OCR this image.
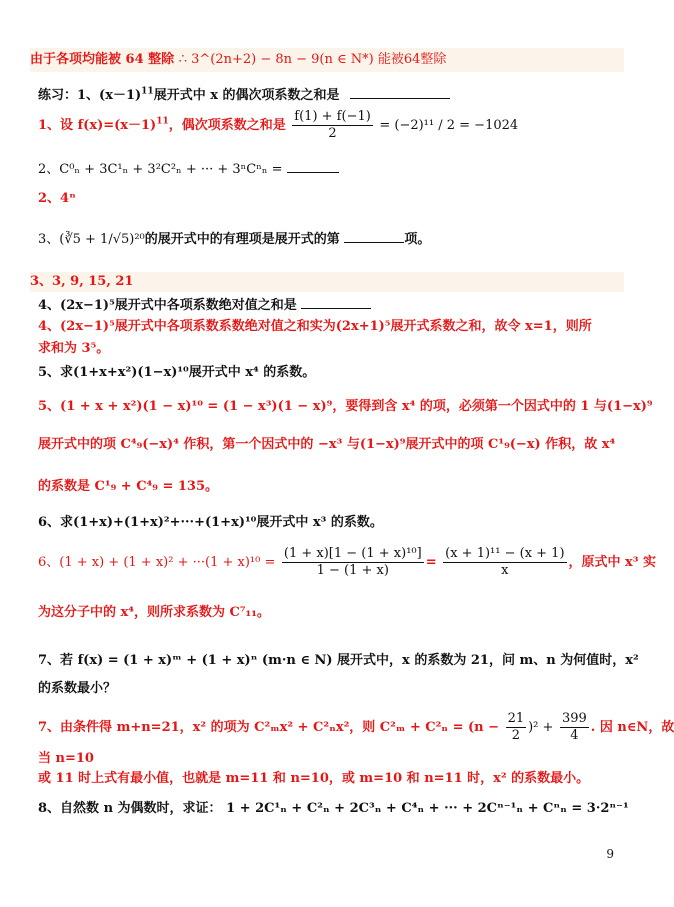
由于各项均能被 64 整除 ∴ 3^(2n+2) − 8n − 9(n ∈ N*) 能被64整除
练习：1、$(x-1)^{11}$展开式中 x 的偶次项系数之和是
1、设 $f(x)=(x-1)^{11}$，偶次项系数之和是 $\frac{f(1) + f(-1)}{2} = (-2)^{11} / 2 = -1024$
2、C⁰ₙ + 3C¹ₙ + 3²C²ₙ + ··· + 3ⁿCⁿₙ =
2、4ⁿ
3、(∛5 + 1/√5)²⁰的展开式中的有理项是展开式的第	项。
3、3, 9, 15, 21
4、(2x−1)⁵展开式中各项系数绝对值之和是
4、(2x−1)⁵展开式中各项系数系数绝对值之和实为(2x+1)⁵展开式系数之和，故令 x=1，则所
求和为 3⁵。
5、求(1+x+x²)(1−x)¹⁰展开式中 x⁴ 的系数。
5、(1 + x + x²)(1 − x)¹⁰ = (1 − x³)(1 − x)⁹，要得到含 x⁴ 的项，必须第一个因式中的 1 与(1−x)⁹
展开式中的项 C⁴₉(−x)⁴ 作积，第一个因式中的 −x³ 与(1−x)⁹展开式中的项 C¹₉(−x) 作积，故 x⁴
的系数是 C¹₉ + C⁴₉ = 135。
6、求(1+x)+(1+x)²+···+(1+x)¹⁰展开式中 x³ 的系数。
6、$(1 + x) + (1 + x)^2 + \cdot\cdot\cdot(1 + x)^{10} = \frac{\text{(1 + x)[1 − (1 + x)¹⁰]}}{1 - (1 + x)} = \frac{\text{(x + 1)¹¹ − (x + 1)}}{x}$ ，原式中 x³ 实
为这分子中的 x⁴，则所求系数为 C⁷₁₁。
7、若 f(x) = (1 + x)ᵐ + (1 + x)ⁿ (m·n ∈ N) 展开式中，x 的系数为 21，问 m、n 为何值时，x²
的系数最小？
7、由条件得 m+n=21，x² 的项为 C²ₘx² + C²ₙx²，则 $C^2_m + C^2_n = (n - \frac{21}{2} )^2 + \frac{399}{4}$ . 因 n∈N，故
当 n=10
或 11 时上式有最小值，也就是 m=11 和 n=10，或 m=10 和 n=11 时，x² 的系数最小。
8、自然数 n 为偶数时，求证： 1 + 2C¹ₙ + C²ₙ + 2C³ₙ + C⁴ₙ + ··· + 2Cⁿ⁻¹ₙ + Cⁿₙ = 3·2ⁿ⁻¹
9
